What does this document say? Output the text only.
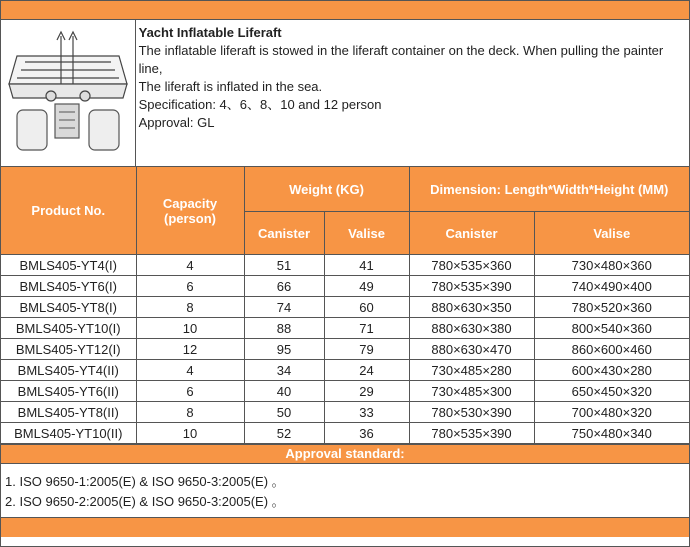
Yacht Inflatable Liferaft
The inflatable liferaft is stowed in the liferaft container on the deck. When pulling the painter line,
The liferaft is inflated in the sea.
Specification: 4、6、8、10 and 12 person
Approval: GL
Product No.	Capacity (person)	Weight (KG)		Dimension: Length*Width*Height (MM)	
		Canister	Valise	Canister	Valise
BMLS405-YT4(I)	4	51	41	780×535×360	730×480×360
BMLS405-YT6(I)	6	66	49	780×535×390	740×490×400
BMLS405-YT8(I)	8	74	60	880×630×350	780×520×360
BMLS405-YT10(I)	10	88	71	880×630×380	800×540×360
BMLS405-YT12(I)	12	95	79	880×630×470	860×600×460
BMLS405-YT4(II)	4	34	24	730×485×280	600×430×280
BMLS405-YT6(II)	6	40	29	730×485×300	650×450×320
BMLS405-YT8(II)	8	50	33	780×530×390	700×480×320
BMLS405-YT10(II)	10	52	36	780×535×390	750×480×340
Approval standard:
1. ISO 9650-1:2005(E) & ISO 9650-3:2005(E) 。
2. ISO 9650-2:2005(E) & ISO 9650-3:2005(E) 。
